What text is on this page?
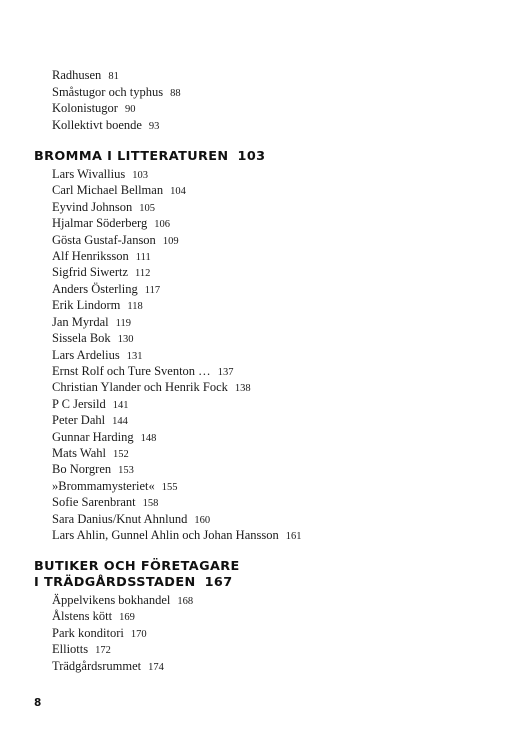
Radhusen 81
Småstugor och typhus 88
Kolonistugor 90
Kollektivt boende 93
BROMMA I LITTERATUREN 103
Lars Wivallius 103
Carl Michael Bellman 104
Eyvind Johnson 105
Hjalmar Söderberg 106
Gösta Gustaf-Janson 109
Alf Henriksson 111
Sigfrid Siwertz 112
Anders Österling 117
Erik Lindorm 118
Jan Myrdal 119
Sissela Bok 130
Lars Ardelius 131
Ernst Rolf och Ture Sventon … 137
Christian Ylander och Henrik Fock 138
P C Jersild 141
Peter Dahl 144
Gunnar Harding 148
Mats Wahl 152
Bo Norgren 153
»Brommamysteriet« 155
Sofie Sarenbrant 158
Sara Danius/Knut Ahnlund 160
Lars Ahlin, Gunnel Ahlin och Johan Hansson 161
BUTIKER OCH FÖRETAGARE
I TRÄDGÅRDSSTADEN 167
Äppelvikens bokhandel 168
Ålstens kött 169
Park konditori 170
Elliotts 172
Trädgårdsrummet 174
8
